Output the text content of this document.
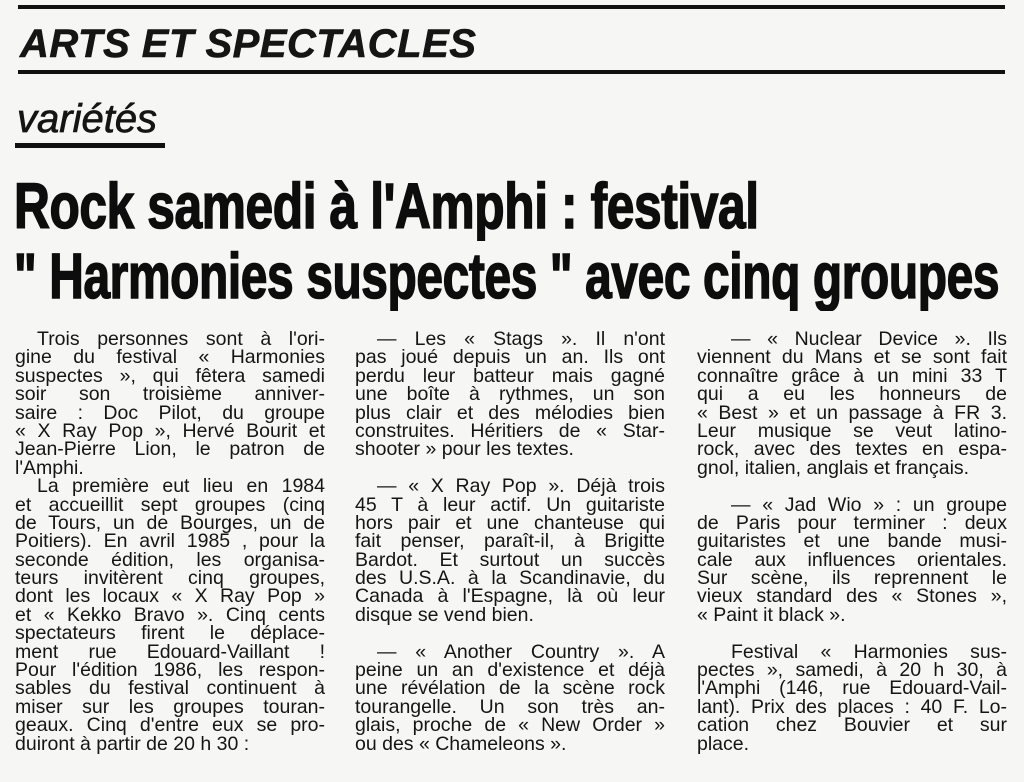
ARTS ET SPECTACLES
variétés
Rock samedi à l'Amphi : festival
" Harmonies suspectes " avec cinq groupes
Trois personnes sont à l'ori-
gine du festival « Harmonies
suspectes », qui fêtera samedi
soir son troisième anniver-
saire : Doc Pilot, du groupe
« X Ray Pop », Hervé Bourit et
Jean-Pierre Lion, le patron de
l'Amphi.
La première eut lieu en 1984
et accueillit sept groupes (cinq
de Tours, un de Bourges, un de
Poitiers). En avril 1985 , pour la
seconde édition, les organisa-
teurs invitèrent cinq groupes,
dont les locaux « X Ray Pop »
et « Kekko Bravo ». Cinq cents
spectateurs firent le déplace-
ment rue Edouard-Vaillant !
Pour l'édition 1986, les respon-
sables du festival continuent à
miser sur les groupes touran-
geaux. Cinq d'entre eux se pro-
duiront à partir de 20 h 30 :
— Les « Stags ». Il n'ont
pas joué depuis un an. Ils ont
perdu leur batteur mais gagné
une boîte à rythmes, un son
plus clair et des mélodies bien
construites. Héritiers de « Star-
shooter » pour les textes.
— « X Ray Pop ». Déjà trois
45 T à leur actif. Un guitariste
hors pair et une chanteuse qui
fait penser, paraît-il, à Brigitte
Bardot. Et surtout un succès
des U.S.A. à la Scandinavie, du
Canada à l'Espagne, là où leur
disque se vend bien.
— « Another Country ». A
peine un an d'existence et déjà
une révélation de la scène rock
tourangelle. Un son très an-
glais, proche de « New Order »
ou des « Chameleons ».
— « Nuclear Device ». Ils
viennent du Mans et se sont fait
connaître grâce à un mini 33 T
qui a eu les honneurs de
« Best » et un passage à FR 3.
Leur musique se veut latino-
rock, avec des textes en espa-
gnol, italien, anglais et français.
— « Jad Wio » : un groupe
de Paris pour terminer : deux
guitaristes et une bande musi-
cale aux influences orientales.
Sur scène, ils reprennent le
vieux standard des « Stones »,
« Paint it black ».
Festival « Harmonies sus-
pectes », samedi, à 20 h 30, à
l'Amphi (146, rue Edouard-Vail-
lant). Prix des places : 40 F. Lo-
cation chez Bouvier et sur
place.
